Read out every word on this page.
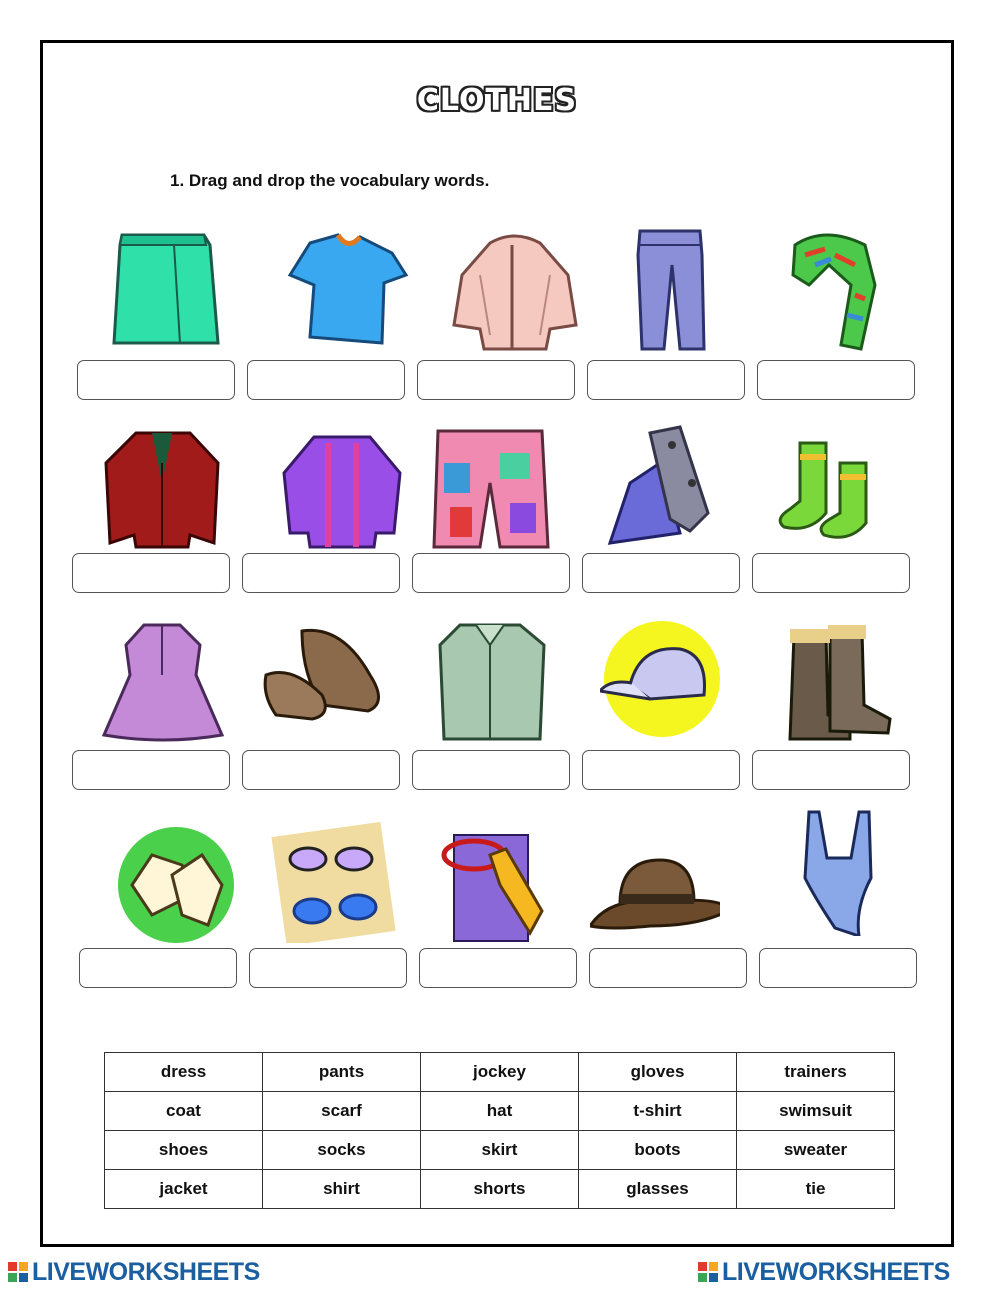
CLOTHES
1. Drag and drop the vocabulary words.
dress	pants	jockey	gloves	trainers
coat	scarf	hat	t-shirt	swimsuit
shoes	socks	skirt	boots	sweater
jacket	shirt	shorts	glasses	tie
LIVEWORKSHEETS	LIVEWORKSHEETS
